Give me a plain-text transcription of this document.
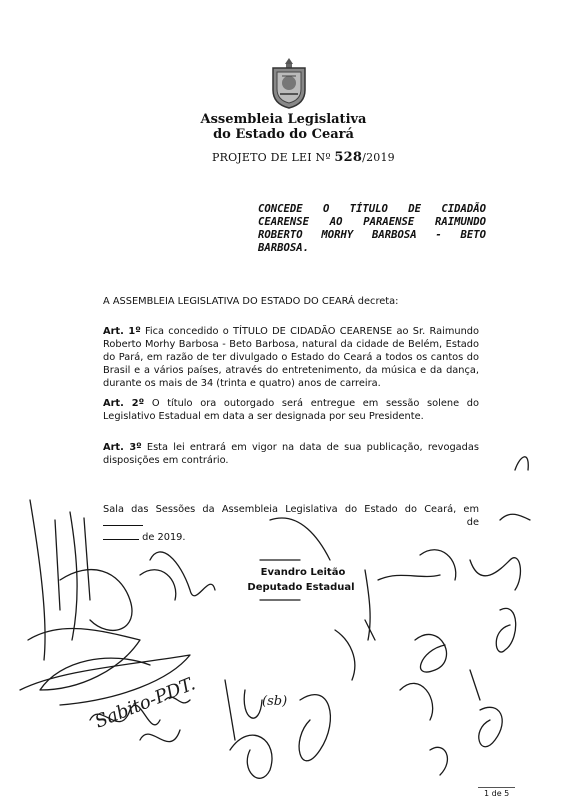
Assembleia Legislativa
do Estado do Ceará
PROJETO DE LEI Nº 528/2019
CONCEDE O TÍTULO DE CIDADÃO CEARENSE AO PARAENSE RAIMUNDO ROBERTO MORHY BARBOSA - BETO BARBOSA.
A ASSEMBLEIA LEGISLATIVA DO ESTADO DO CEARÁ decreta:
Art. 1º Fica concedido o TÍTULO DE CIDADÃO CEARENSE ao Sr. Raimundo Roberto Morhy Barbosa - Beto Barbosa, natural da cidade de Belém, Estado do Pará, em razão de ter divulgado o Estado do Ceará a todos os cantos do Brasil e a vários países, através do entretenimento, da música e da dança, durante os mais de 34 (trinta e quatro) anos de carreira.
Art. 2º O título ora outorgado será entregue em sessão solene do Legislativo Estadual em data a ser designada por seu Presidente.
Art. 3º Esta lei entrará em vigor na data de sua publicação, revogadas disposições em contrário.
Sala das Sessões da Assembleia Legislativa do Estado do Ceará, em
de

de 2019.
Evandro Leitão
Deputado Estadual
Sabito-PDT.	(sb)
1 de 5
